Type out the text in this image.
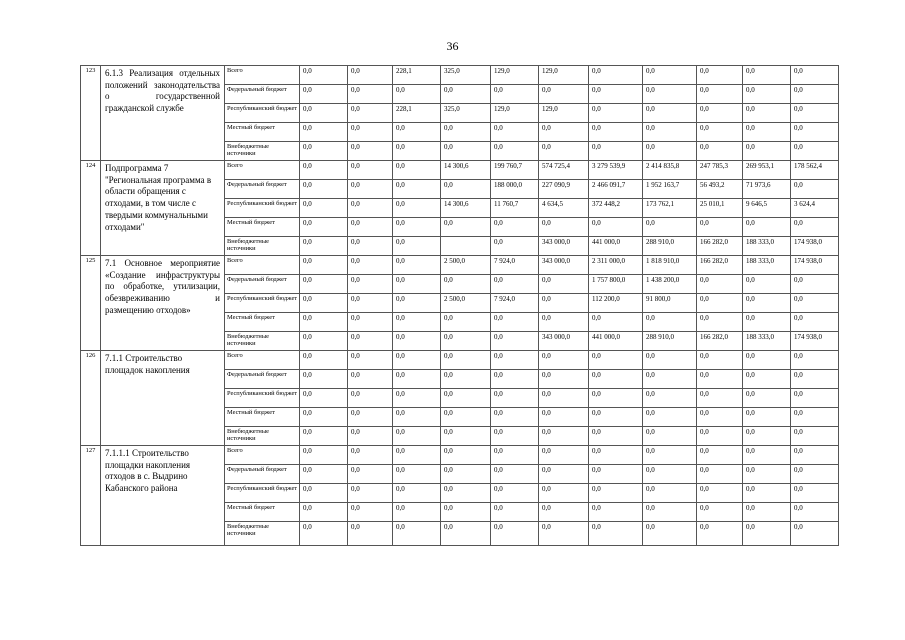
36
123	6.1.3 Реализация отдельных положений законодательства о государственной гражданской службе	Всего	0,0	0,0	228,1	325,0	129,0	129,0	0,0	0,0	0,0	0,0	0,0
		Федеральный бюджет	0,0	0,0	0,0	0,0	0,0	0,0	0,0	0,0	0,0	0,0	0,0
		Республиканский бюджет	0,0	0,0	228,1	325,0	129,0	129,0	0,0	0,0	0,0	0,0	0,0
		Местный бюджет	0,0	0,0	0,0	0,0	0,0	0,0	0,0	0,0	0,0	0,0	0,0
		Внебюджетные источники	0,0	0,0	0,0	0,0	0,0	0,0	0,0	0,0	0,0	0,0	0,0
124	Подпрограмма 7 "Региональная программа в области обращения с отходами, в том числе с твердыми коммунальными отходами"	Всего	0,0	0,0	0,0	14 300,6	199 760,7	574 725,4	3 279 539,9	2 414 835,8	247 785,3	269 953,1	178 562,4
		Федеральный бюджет	0,0	0,0	0,0	0,0	188 000,0	227 090,9	2 466 091,7	1 952 163,7	56 493,2	71 973,6	0,0
		Республиканский бюджет	0,0	0,0	0,0	14 300,6	11 760,7	4 634,5	372 448,2	173 762,1	25 010,1	9 646,5	3 624,4
		Местный бюджет	0,0	0,0	0,0	0,0	0,0	0,0	0,0	0,0	0,0	0,0	0,0
		Внебюджетные источники	0,0	0,0	0,0		0,0	343 000,0	441 000,0	288 910,0	166 282,0	188 333,0	174 938,0
125	7.1 Основное мероприятие «Создание инфраструктуры по обработке, утилизации, обезвреживанию и размещению отходов»	Всего	0,0	0,0	0,0	2 500,0	7 924,0	343 000,0	2 311 000,0	1 818 910,0	166 282,0	188 333,0	174 938,0
		Федеральный бюджет	0,0	0,0	0,0	0,0	0,0	0,0	1 757 800,0	1 438 200,0	0,0	0,0	0,0
		Республиканский бюджет	0,0	0,0	0,0	2 500,0	7 924,0	0,0	112 200,0	91 800,0	0,0	0,0	0,0
		Местный бюджет	0,0	0,0	0,0	0,0	0,0	0,0	0,0	0,0	0,0	0,0	0,0
		Внебюджетные источники	0,0	0,0	0,0	0,0	0,0	343 000,0	441 000,0	288 910,0	166 282,0	188 333,0	174 938,0
126	7.1.1 Строительство площадок накопления	Всего	0,0	0,0	0,0	0,0	0,0	0,0	0,0	0,0	0,0	0,0	0,0
		Федеральный бюджет	0,0	0,0	0,0	0,0	0,0	0,0	0,0	0,0	0,0	0,0	0,0
		Республиканский бюджет	0,0	0,0	0,0	0,0	0,0	0,0	0,0	0,0	0,0	0,0	0,0
		Местный бюджет	0,0	0,0	0,0	0,0	0,0	0,0	0,0	0,0	0,0	0,0	0,0
		Внебюджетные источники	0,0	0,0	0,0	0,0	0,0	0,0	0,0	0,0	0,0	0,0	0,0
127	7.1.1.1 Строительство площадки накопления отходов в с. Выдрино Кабанского района	Всего	0,0	0,0	0,0	0,0	0,0	0,0	0,0	0,0	0,0	0,0	0,0
		Федеральный бюджет	0,0	0,0	0,0	0,0	0,0	0,0	0,0	0,0	0,0	0,0	0,0
		Республиканский бюджет	0,0	0,0	0,0	0,0	0,0	0,0	0,0	0,0	0,0	0,0	0,0
		Местный бюджет	0,0	0,0	0,0	0,0	0,0	0,0	0,0	0,0	0,0	0,0	0,0
		Внебюджетные источники	0,0	0,0	0,0	0,0	0,0	0,0	0,0	0,0	0,0	0,0	0,0
